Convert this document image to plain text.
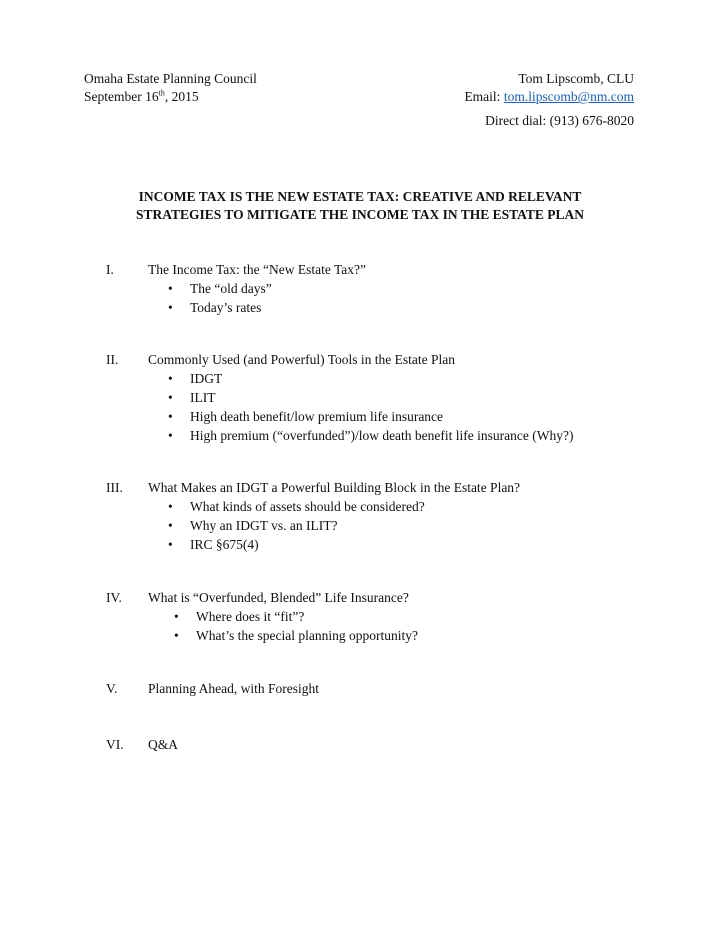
Omaha Estate Planning Council
September 16th, 2015
Tom Lipscomb, CLU
Email: tom.lipscomb@nm.com
Direct dial: (913) 676-8020
INCOME TAX IS THE NEW ESTATE TAX: CREATIVE AND RELEVANT
STRATEGIES TO MITIGATE THE INCOME TAX IN THE ESTATE PLAN
I.	The Income Tax: the “New Estate Tax?”
•	The “old days”
•	Today’s rates
II.	Commonly Used (and Powerful) Tools in the Estate Plan
•	IDGT
•	ILIT
•	High death benefit/low premium life insurance
•	High premium (“overfunded”)/low death benefit life insurance (Why?)
III.	What Makes an IDGT a Powerful Building Block in the Estate Plan?
•	What kinds of assets should be considered?
•	Why an IDGT vs. an ILIT?
•	IRC §675(4)
IV.	What is “Overfunded, Blended” Life Insurance?
•	Where does it “fit”?
•	What’s the special planning opportunity?
V.	Planning Ahead, with Foresight
VI.	Q&A
